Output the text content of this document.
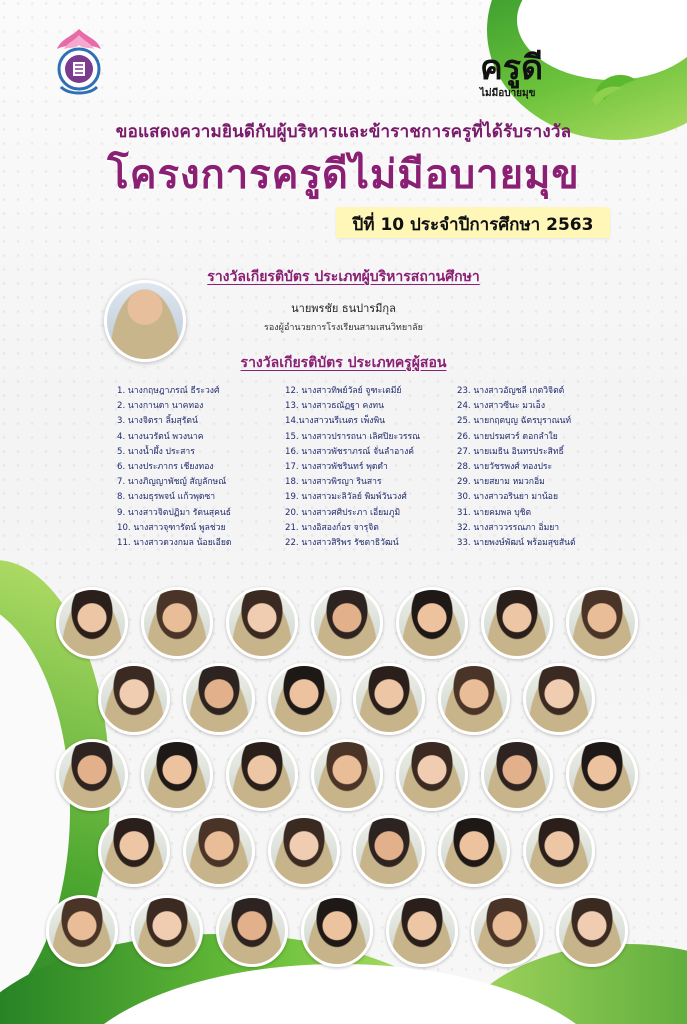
ครูดี
ไม่มีอบายมุข
ขอแสดงความยินดีกับผู้บริหารและข้าราชการครูที่ได้รับรางวัล
โครงการครูดีไม่มีอบายมุข
ปีที่ 10 ประจำปีการศึกษา 2563
รางวัลเกียรติบัตร ประเภทผู้บริหารสถานศึกษา
นายพรชัย ธนปารมีกุล
รองผู้อำนวยการโรงเรียนสามเสนวิทยาลัย
รางวัลเกียรติบัตร ประเภทครูผู้สอน
1. นางกฤษฎาภรณ์ ธีระวงศ์
2. นางกานดา นาคทอง
3. นางจิตรา ลิ้มสุรัตน์
4. นางนวรัตน์ พวงนาค
5. นางน้ำผึ้ง ประสาร
6. นางประภากร เชียงทอง
7. นางภิญญาพัชญ์ สัญลักษณ์
8. นางมธุรพจน์ แก้วพุดซา
9. นางสาวจิตปฏิมา รัตนสุคนธ์
10. นางสาวจุฑารัตน์ พูลช่วย
11. นางสาวดวงกมล น้อยเอียด
12. นางสาวทิพย์วัลย์ จูฑะเตมีย์
13. นางสาวธณัฏฐา คงทน
14.นางสาวนรีเนตร เพ็งพิน
15. นางสาวปรารถนา เลิศปิยะวรรณ
16. นางสาวพัชราภรณ์ จั่นลำอางค์
17. นางสาวพัชรินทร์ พุดดำ
18. นางสาวพิรญา รินสาร
19. นางสาวมะลิวัลย์ พิมพ์วันวงศ์
20. นางสาวศศิประภา เอี่ยมภูมิ
21. นางอิสองก์อร จารุจิต
22. นางสาวสิริพร รัชตาธิวัฒน์
23. นางสาวอัญชลี เกตวิจิตต์
24. นางสาวซีนะ มวเอ็ง
25. นายกฤตบุญ ฉัตรบุราณนท์
26. นายปรมศวร์ ดอกลำใย
27. นายเมธิน อินทรประสิทธิ์
28. นายวัชรพงศ์ ทองประ
29. นายสยาม หมวกอิ่ม
30. นางสาวอรินยา มาน้อย
31. นายคมพล บุชิต
32. นางสาววรรณภา อิ่มยา
33. นายพงษ์พัฒน์ พร้อมสุขสันต์
